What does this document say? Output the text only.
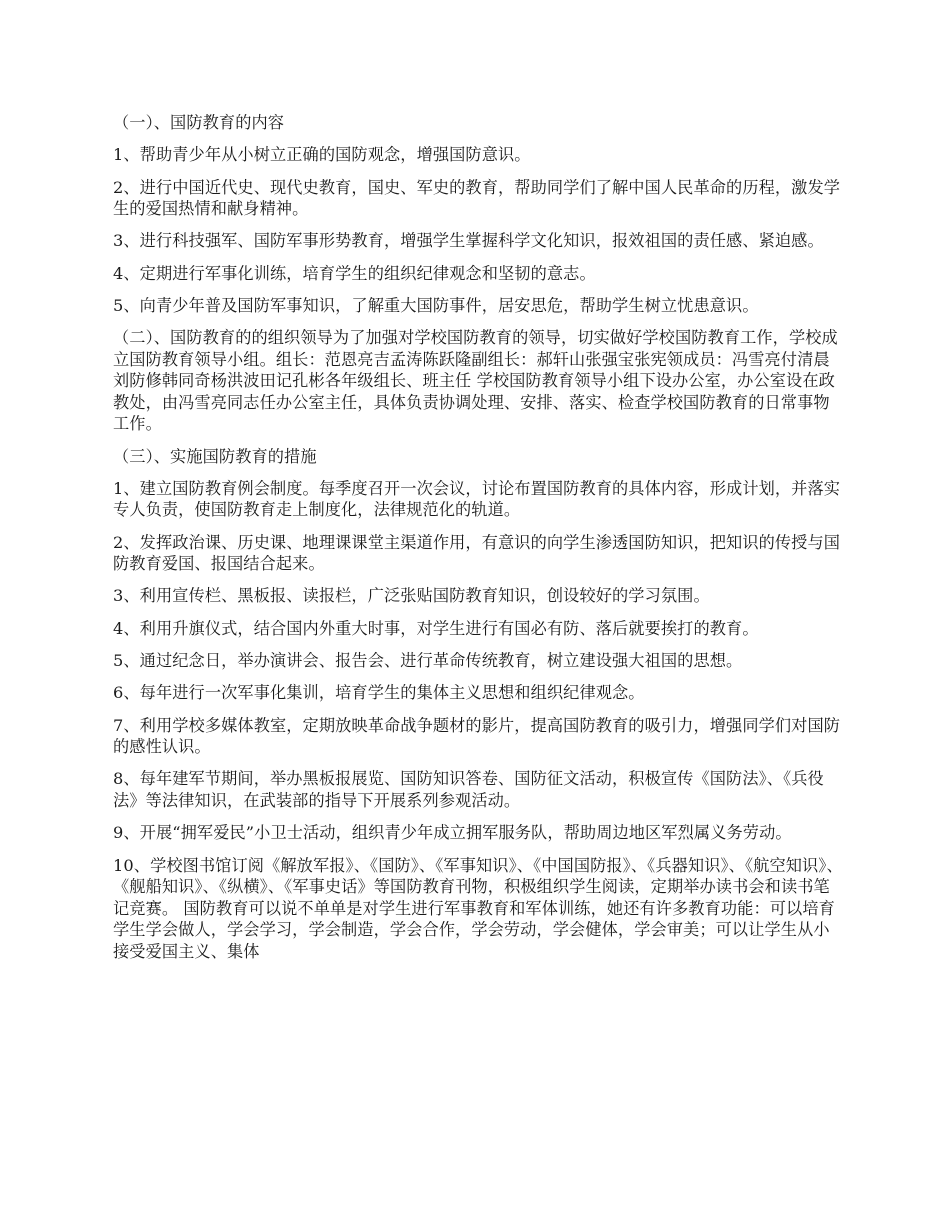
（一）、国防教育的内容

1、帮助青少年从小树立正确的国防观念，增强国防意识。

2、进行中国近代史、现代史教育，国史、军史的教育，帮助同学们了解中国人民革命的历程，激发学生的爱国热情和献身精神。

3、进行科技强军、国防军事形势教育，增强学生掌握科学文化知识，报效祖国的责任感、紧迫感。

4、定期进行军事化训练，培育学生的组织纪律观念和坚韧的意志。

5、向青少年普及国防军事知识，了解重大国防事件，居安思危，帮助学生树立忧患意识。

（二）、国防教育的的组织领导为了加强对学校国防教育的领导，切实做好学校国防教育工作，学校成立国防教育领导小组。组长：范恩亮吉孟涛陈跃隆副组长：郝轩山张强宝张宪领成员：冯雪亮付清晨刘防修韩同奇杨洪波田记孔彬各年级组长、班主任 学校国防教育领导小组下设办公室，办公室设在政教处，由冯雪亮同志任办公室主任，具体负责协调处理、安排、落实、检查学校国防教育的日常事物工作。

（三）、实施国防教育的措施

1、建立国防教育例会制度。每季度召开一次会议，讨论布置国防教育的具体内容，形成计划，并落实专人负责，使国防教育走上制度化，法律规范化的轨道。

2、发挥政治课、历史课、地理课课堂主渠道作用，有意识的向学生渗透国防知识，把知识的传授与国防教育爱国、报国结合起来。

3、利用宣传栏、黑板报、读报栏，广泛张贴国防教育知识，创设较好的学习氛围。

4、利用升旗仪式，结合国内外重大时事，对学生进行有国必有防、落后就要挨打的教育。

5、通过纪念日，举办演讲会、报告会、进行革命传统教育，树立建设强大祖国的思想。

6、每年进行一次军事化集训，培育学生的集体主义思想和组织纪律观念。

7、利用学校多媒体教室，定期放映革命战争题材的影片，提高国防教育的吸引力，增强同学们对国防的感性认识。

8、每年建军节期间，举办黑板报展览、国防知识答卷、国防征文活动，积极宣传《国防法》、《兵役法》等法律知识，在武装部的指导下开展系列参观活动。

9、开展“拥军爱民”小卫士活动，组织青少年成立拥军服务队，帮助周边地区军烈属义务劳动。

10、学校图书馆订阅《解放军报》、《国防》、《军事知识》、《中国国防报》、《兵器知识》、《航空知识》、《舰船知识》、《纵横》、《军事史话》等国防教育刊物，积极组织学生阅读，定期举办读书会和读书笔记竞赛。 国防教育可以说不单单是对学生进行军事教育和军体训练，她还有许多教育功能：可以培育学生学会做人，学会学习，学会制造，学会合作，学会劳动，学会健体，学会审美；可以让学生从小接受爱国主义、集体
